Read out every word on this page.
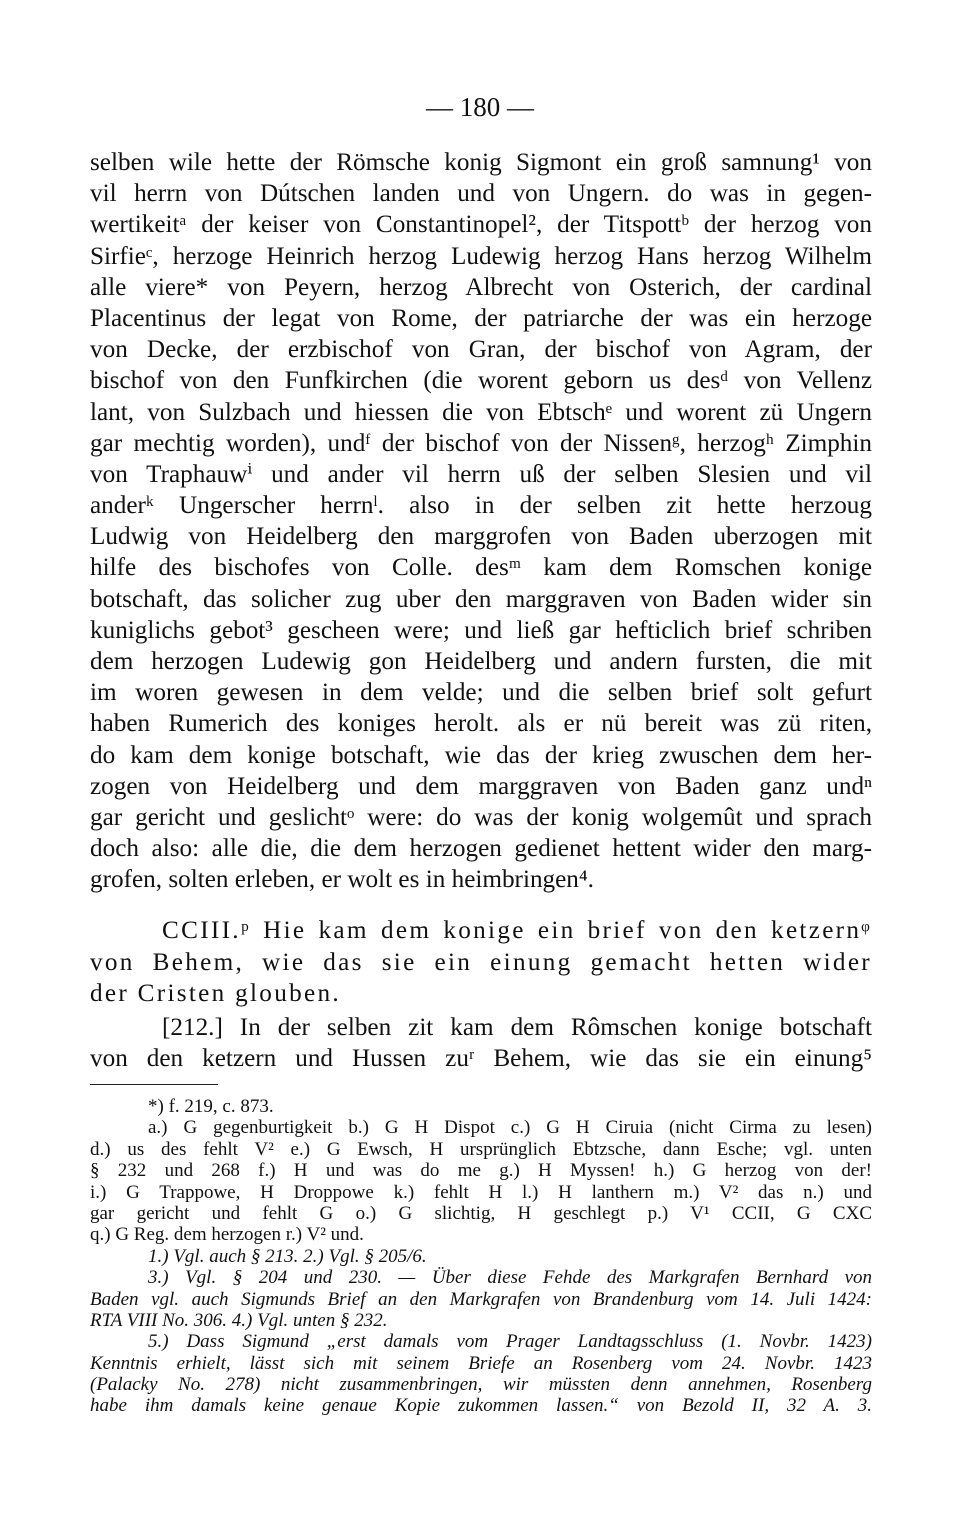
— 180 —
selben wile hette der Römsche konig Sigmont ein groß samnung¹ von
vil herrn von Dútschen landen und von Ungern. do was in gegen-
wertikeitᵃ der keiser von Constantinopel², der Titspottᵇ der herzog von
Sirfieᶜ, herzoge Heinrich herzog Ludewig herzog Hans herzog Wilhelm
alle viere* von Peyern, herzog Albrecht von Osterich, der cardinal
Placentinus der legat von Rome, der patriarche der was ein herzoge
von Decke, der erzbischof von Gran, der bischof von Agram, der
bischof von den Funfkirchen (die worent geborn us desᵈ von Vellenz
lant, von Sulzbach und hiessen die von Ebtschᵉ und worent zü Ungern
gar mechtig worden), undᶠ der bischof von der Nissenᵍ, herzogʰ Zimphin
von Traphauwⁱ und ander vil herrn uß der selben Slesien und vil
anderᵏ Ungerscher herrnˡ. also in der selben zit hette herzoug
Ludwig von Heidelberg den marggrofen von Baden uberzogen mit
hilfe des bischofes von Colle. desᵐ kam dem Romschen konige
botschaft, das solicher zug uber den marggraven von Baden wider sin
kuniglichs gebot³ gescheen were; und ließ gar hefticlich brief schriben
dem herzogen Ludewig gon Heidelberg und andern fursten, die mit
im woren gewesen in dem velde; und die selben brief solt gefurt
haben Rumerich des koniges herolt. als er nü bereit was zü riten,
do kam dem konige botschaft, wie das der krieg zwuschen dem her-
zogen von Heidelberg und dem marggraven von Baden ganz undⁿ
gar gericht und geslichtᵒ were: do was der konig wolgemût und sprach
doch also: alle die, die dem herzogen gedienet hettent wider den marg-
grofen, solten erleben, er wolt es in heimbringen⁴.
CCIII.ᵖ Hie kam dem konige ein brief von den ketzernᵠ
von Behem, wie das sie ein einung gemacht hetten wider
der Cristen glouben.
[212.] In der selben zit kam dem Rômschen konige botschaft
von den ketzern und Hussen zuʳ Behem, wie das sie ein einung⁵
*) f. 219, c. 873.
a.) G gegenburtigkeit b.) G H Dispot c.) G H Ciruia (nicht Cirma zu lesen)
d.) us des fehlt V² e.) G Ewsch, H ursprünglich Ebtzsche, dann Esche; vgl. unten
§ 232 und 268 f.) H und was do me g.) H Myssen! h.) G herzog von der!
i.) G Trappowe, H Droppowe k.) fehlt H l.) H lanthern m.) V² das n.) und
gar gericht und fehlt G o.) G slichtig, H geschlegt p.) V¹ CCII, G CXC
q.) G Reg. dem herzogen r.) V² und.
1.) Vgl. auch § 213. 2.) Vgl. § 205/6.
3.) Vgl. § 204 und 230. — Über diese Fehde des Markgrafen Bernhard von
Baden vgl. auch Sigmunds Brief an den Markgrafen von Brandenburg vom 14. Juli 1424:
RTA VIII No. 306. 4.) Vgl. unten § 232.
5.) Dass Sigmund „erst damals vom Prager Landtagsschluss (1. Novbr. 1423)
Kenntnis erhielt, lässt sich mit seinem Briefe an Rosenberg vom 24. Novbr. 1423
(Palacky No. 278) nicht zusammenbringen, wir müssten denn annehmen, Rosenberg
habe ihm damals keine genaue Kopie zukommen lassen.“ von Bezold II, 32 A. 3.
